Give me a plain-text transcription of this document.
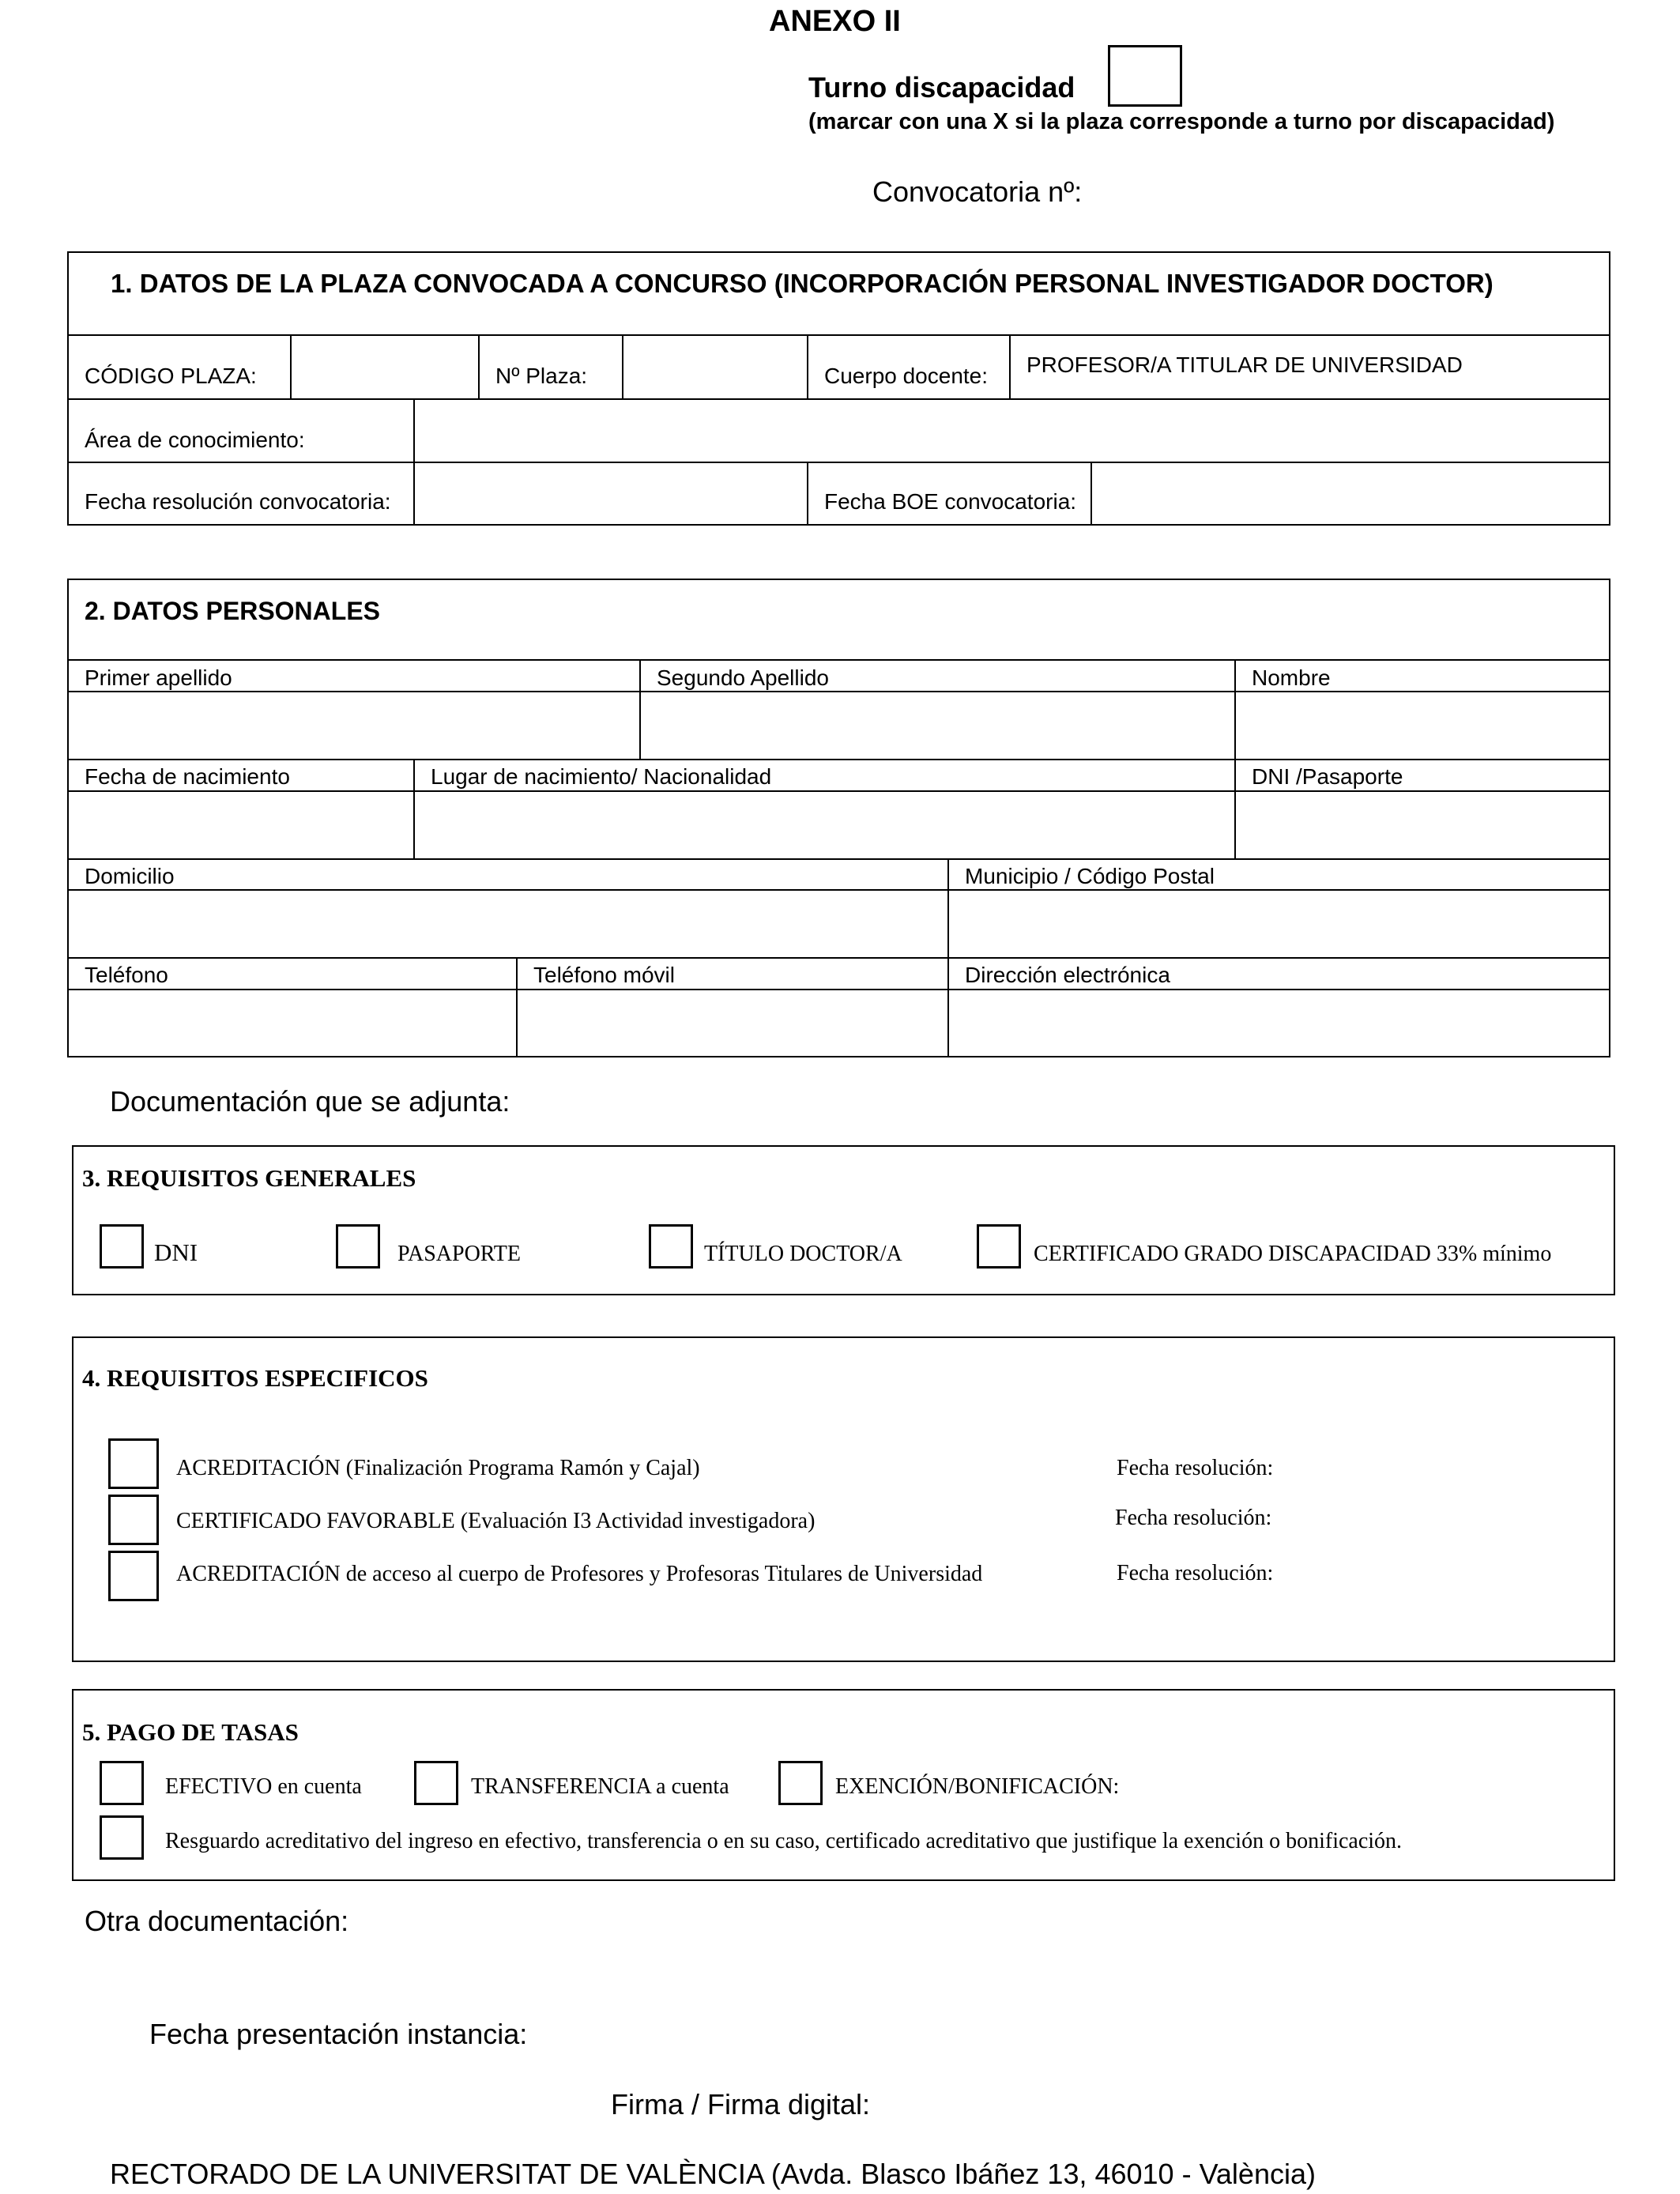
ANEXO II
Turno discapacidad
(marcar con una X si la plaza corresponde a turno por discapacidad)
Convocatoria nº:
1. DATOS DE LA PLAZA CONVOCADA A CONCURSO (INCORPORACIÓN PERSONAL INVESTIGADOR DOCTOR)
CÓDIGO PLAZA:	Nº Plaza:	Cuerpo docente: PROFESOR/A TITULAR DE UNIVERSIDAD
Área de conocimiento:
Fecha resolución convocatoria:	Fecha BOE convocatoria:
2. DATOS PERSONALES
Primer apellido	Segundo Apellido	Nombre
Fecha de nacimiento	Lugar de nacimiento/ Nacionalidad	DNI /Pasaporte
Domicilio	Municipio / Código Postal
Teléfono	Teléfono móvil	Dirección electrónica
Documentación que se adjunta:
3. REQUISITOS GENERALES
DNI	PASAPORTE	TÍTULO DOCTOR/A	CERTIFICADO GRADO DISCAPACIDAD 33% mínimo
4. REQUISITOS ESPECIFICOS
ACREDITACIÓN (Finalización Programa Ramón y Cajal)	Fecha resolución:
CERTIFICADO FAVORABLE (Evaluación I3 Actividad investigadora)	Fecha resolución:
ACREDITACIÓN de acceso al cuerpo de Profesores y Profesoras Titulares de Universidad	Fecha resolución:
5. PAGO DE TASAS
EFECTIVO en cuenta	TRANSFERENCIA a cuenta	EXENCIÓN/BONIFICACIÓN:
Resguardo acreditativo del ingreso en efectivo, transferencia o en su caso, certificado acreditativo que justifique la exención o bonificación.
Otra documentación:
Fecha presentación instancia:
Firma / Firma digital:
RECTORADO DE LA UNIVERSITAT DE VALÈNCIA (Avda. Blasco Ibáñez 13, 46010 - València)
